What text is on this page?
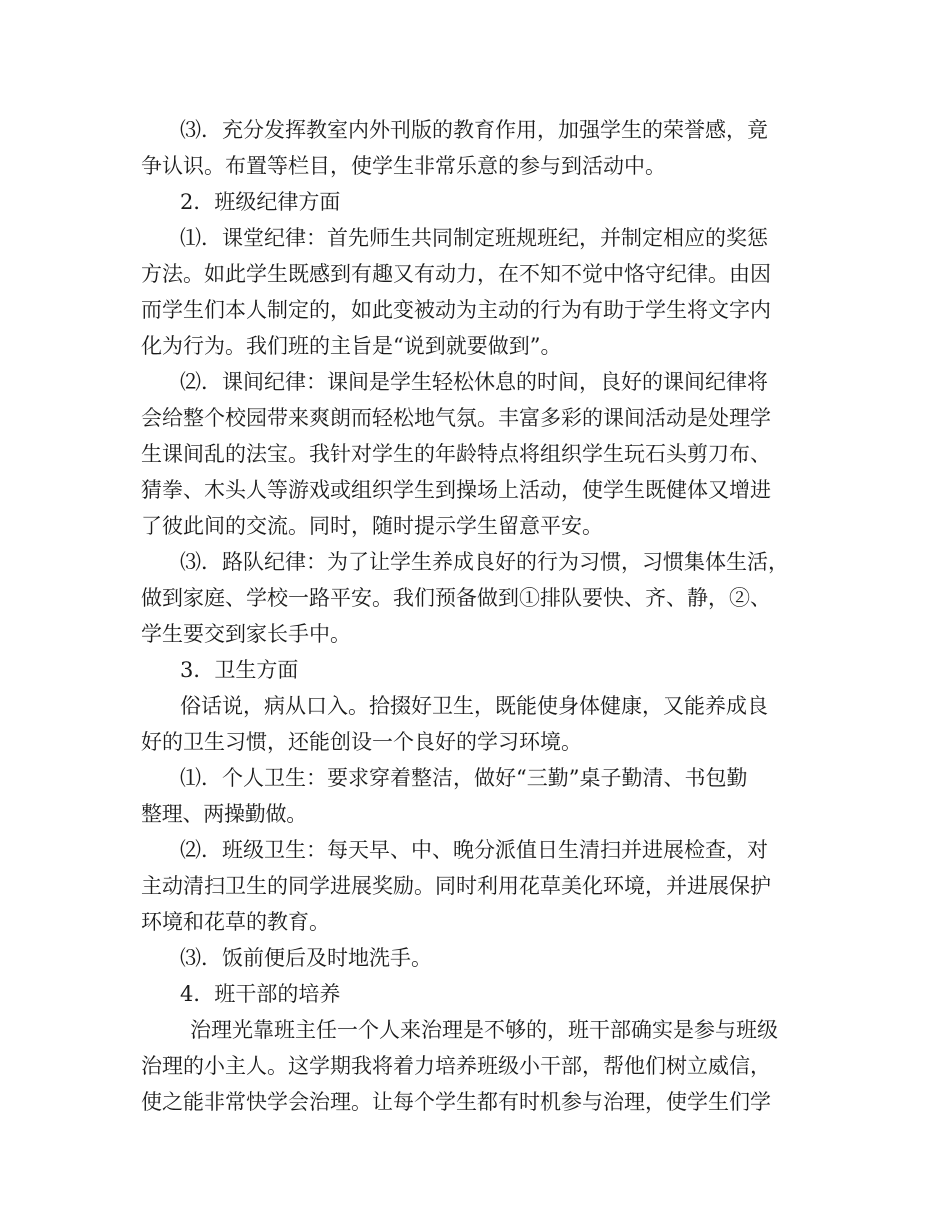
⑶．充分发挥教室内外刊版的教育作用，加强学生的荣誉感，竟
争认识。布置等栏目，使学生非常乐意的参与到活动中。
2．班级纪律方面
⑴．课堂纪律：首先师生共同制定班规班纪，并制定相应的奖惩
方法。如此学生既感到有趣又有动力，在不知不觉中恪守纪律。由因
而学生们本人制定的，如此变被动为主动的行为有助于学生将文字内
化为行为。我们班的主旨是“说到就要做到”。
⑵．课间纪律：课间是学生轻松休息的时间，良好的课间纪律将
会给整个校园带来爽朗而轻松地气氛。丰富多彩的课间活动是处理学
生课间乱的法宝。我针对学生的年龄特点将组织学生玩石头剪刀布、
猜拳、木头人等游戏或组织学生到操场上活动，使学生既健体又增进
了彼此间的交流。同时，随时提示学生留意平安。
⑶．路队纪律：为了让学生养成良好的行为习惯，习惯集体生活，
做到家庭、学校一路平安。我们预备做到①排队要快、齐、静，②、
学生要交到家长手中。
3．卫生方面
俗话说，病从口入。拾掇好卫生，既能使身体健康，又能养成良
好的卫生习惯，还能创设一个良好的学习环境。
⑴．个人卫生：要求穿着整洁，做好“三勤”桌子勤清、书包勤
整理、两操勤做。
⑵．班级卫生：每天早、中、晚分派值日生清扫并进展检查，对
主动清扫卫生的同学进展奖励。同时利用花草美化环境，并进展保护
环境和花草的教育。
⑶．饭前便后及时地洗手。
4．班干部的培养
治理光靠班主任一个人来治理是不够的，班干部确实是参与班级
治理的小主人。这学期我将着力培养班级小干部，帮他们树立威信，
使之能非常快学会治理。让每个学生都有时机参与治理，使学生们学
